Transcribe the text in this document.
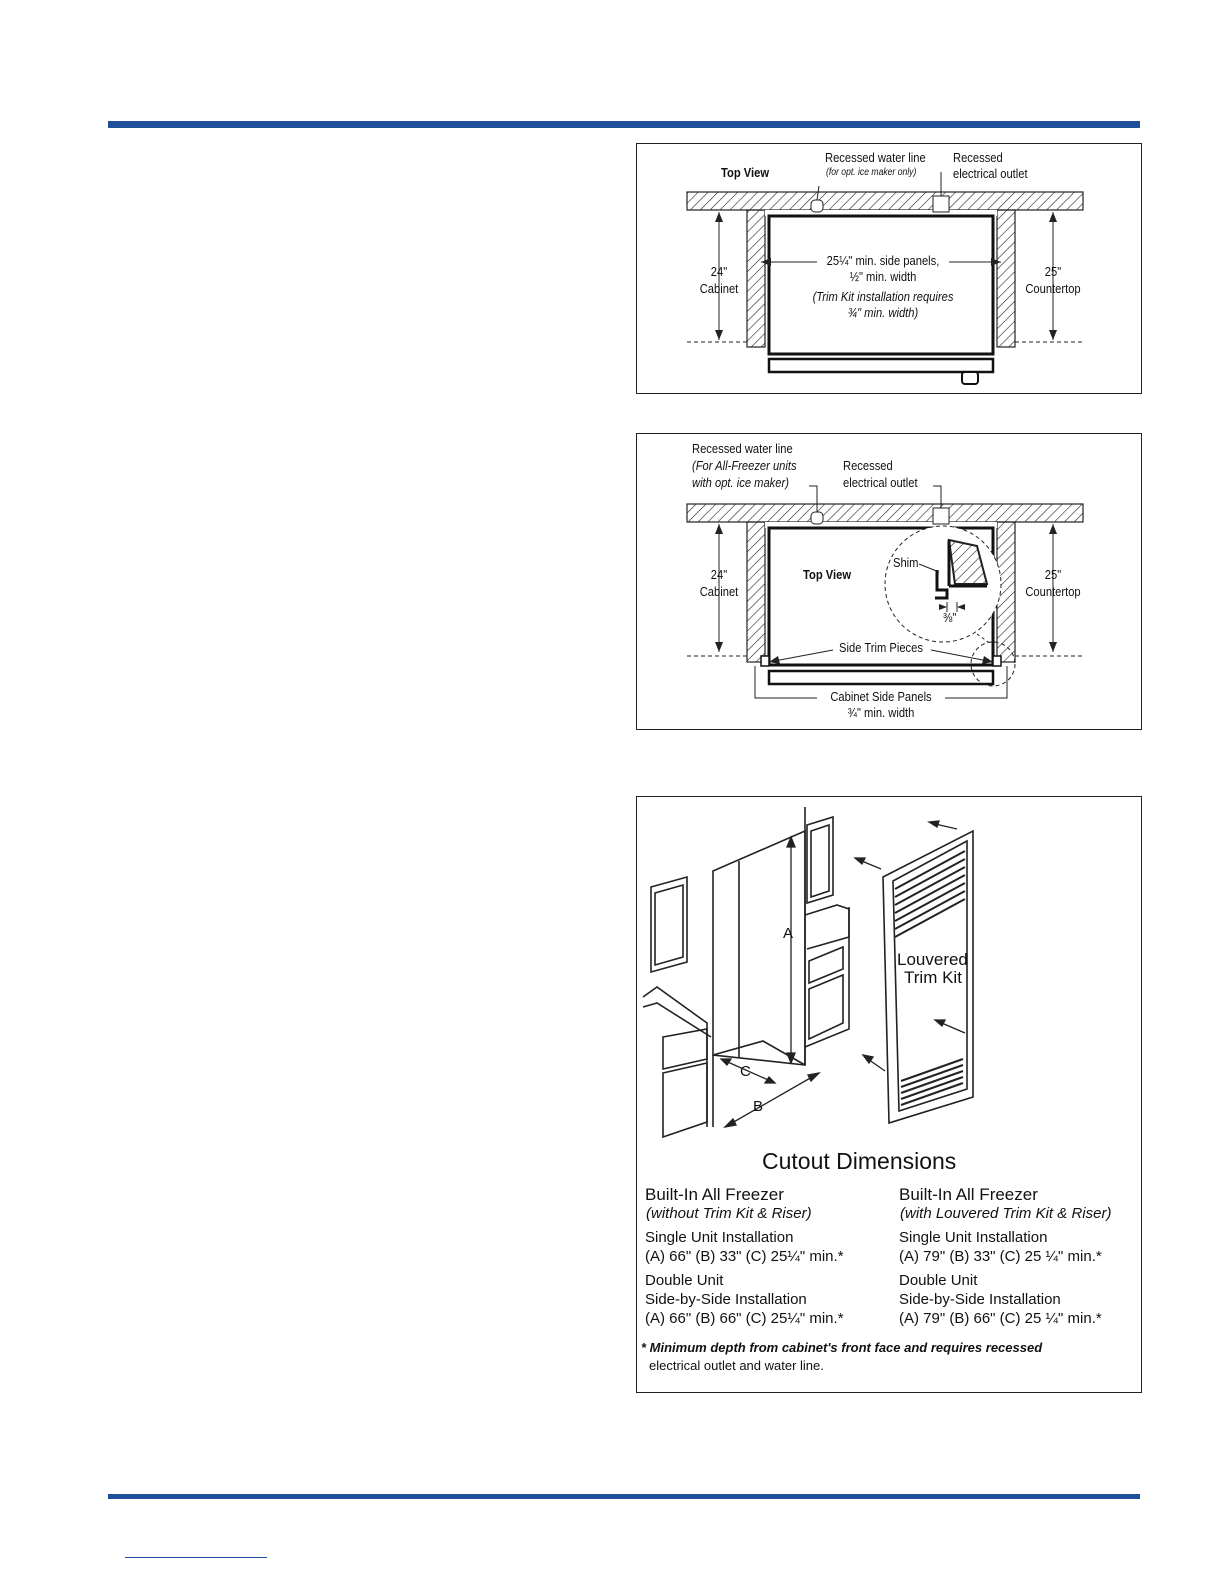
Top View
Recessed water line
(for opt. ice maker only)
Recessed
electrical outlet
24"
Cabinet
25"
Countertop
25¼" min. side panels,
½" min. width
(Trim Kit installation requires
¾" min. width)
Recessed water line
(For All-Freezer units
with opt. ice maker)
Recessed
electrical outlet
Top View
24"
Cabinet
25"
Countertop
Shim
⅜"
Side Trim Pieces
Cabinet Side Panels
¾" min. width
A
B
C
Louvered
Trim Kit
Cutout Dimensions
Built-In All Freezer
(without Trim Kit & Riser)
Single Unit Installation
(A) 66" (B) 33" (C) 25¼" min.*
Double Unit
Side-by-Side Installation
(A) 66" (B) 66" (C) 25¼" min.*
Built-In All Freezer
(with Louvered Trim Kit & Riser)
Single Unit Installation
(A) 79" (B) 33" (C) 25 ¼" min.*
Double Unit
Side-by-Side Installation
(A) 79" (B) 66" (C) 25 ¼" min.*
* Minimum depth from cabinet's front face and requires recessed
electrical outlet and water line.
